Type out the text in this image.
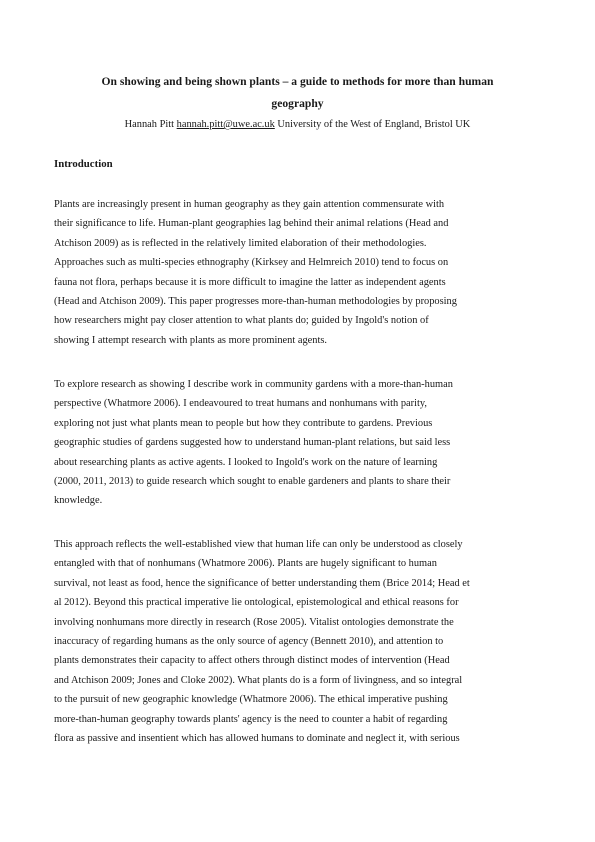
On showing and being shown plants – a guide to methods for more than human
geography
Hannah Pitt hannah.pitt@uwe.ac.uk University of the West of England, Bristol UK
Introduction
Plants are increasingly present in human geography as they gain attention commensurate with
their significance to life. Human-plant geographies lag behind their animal relations (Head and
Atchison 2009) as is reflected in the relatively limited elaboration of their methodologies.
Approaches such as multi-species ethnography (Kirksey and Helmreich 2010) tend to focus on
fauna not flora, perhaps because it is more difficult to imagine the latter as independent agents
(Head and Atchison 2009). This paper progresses more-than-human methodologies by proposing
how researchers might pay closer attention to what plants do; guided by Ingold's notion of
showing I attempt research with plants as more prominent agents.
To explore research as showing I describe work in community gardens with a more-than-human
perspective (Whatmore 2006). I endeavoured to treat humans and nonhumans with parity,
exploring not just what plants mean to people but how they contribute to gardens. Previous
geographic studies of gardens suggested how to understand human-plant relations, but said less
about researching plants as active agents. I looked to Ingold's work on the nature of learning
(2000, 2011, 2013) to guide research which sought to enable gardeners and plants to share their
knowledge.
This approach reflects the well-established view that human life can only be understood as closely
entangled with that of nonhumans (Whatmore 2006). Plants are hugely significant to human
survival, not least as food, hence the significance of better understanding them (Brice 2014; Head et
al 2012). Beyond this practical imperative lie ontological, epistemological and ethical reasons for
involving nonhumans more directly in research (Rose 2005). Vitalist ontologies demonstrate the
inaccuracy of regarding humans as the only source of agency (Bennett 2010), and attention to
plants demonstrates their capacity to affect others through distinct modes of intervention (Head
and Atchison 2009; Jones and Cloke 2002). What plants do is a form of livingness, and so integral
to the pursuit of new geographic knowledge (Whatmore 2006). The ethical imperative pushing
more-than-human geography towards plants' agency is the need to counter a habit of regarding
flora as passive and insentient which has allowed humans to dominate and neglect it, with serious
